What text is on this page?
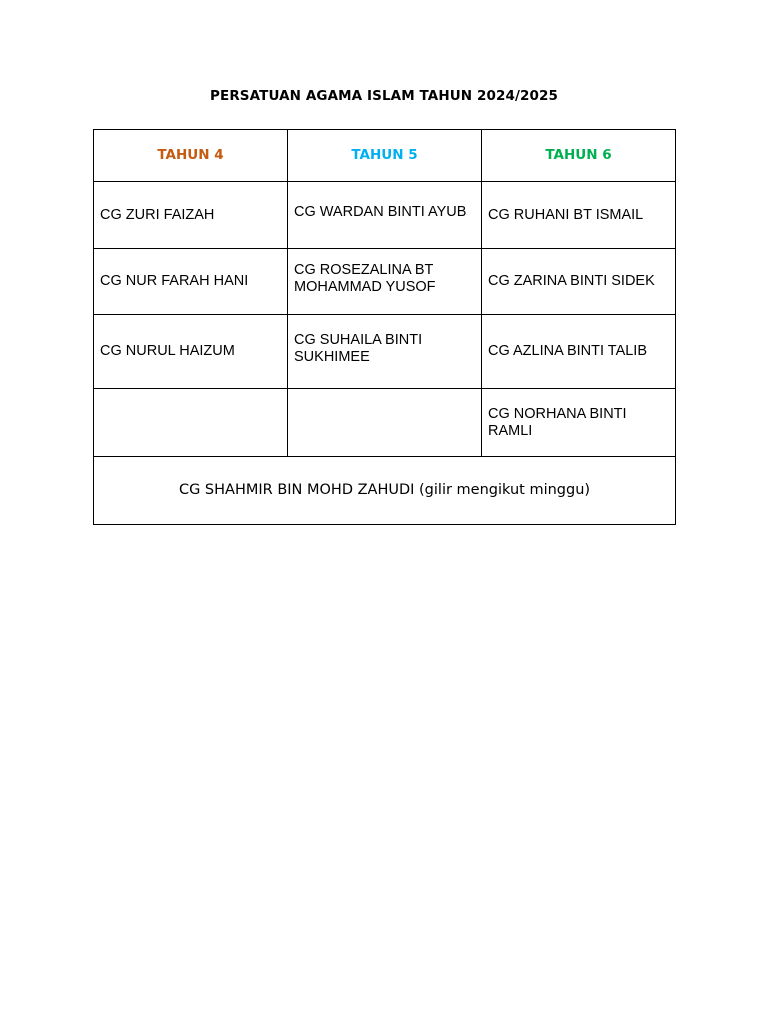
PERSATUAN AGAMA ISLAM TAHUN 2024/2025
TAHUN 4	TAHUN 5	TAHUN 6
CG ZURI FAIZAH	CG WARDAN BINTI AYUB	CG RUHANI BT ISMAIL
CG NUR FARAH HANI	CG ROSEZALINA BT MOHAMMAD YUSOF	CG ZARINA BINTI SIDEK
CG NURUL HAIZUM	CG SUHAILA BINTI SUKHIMEE	CG AZLINA BINTI TALIB
		CG NORHANA BINTI RAMLI
CG SHAHMIR BIN MOHD ZAHUDI (gilir mengikut minggu)		
